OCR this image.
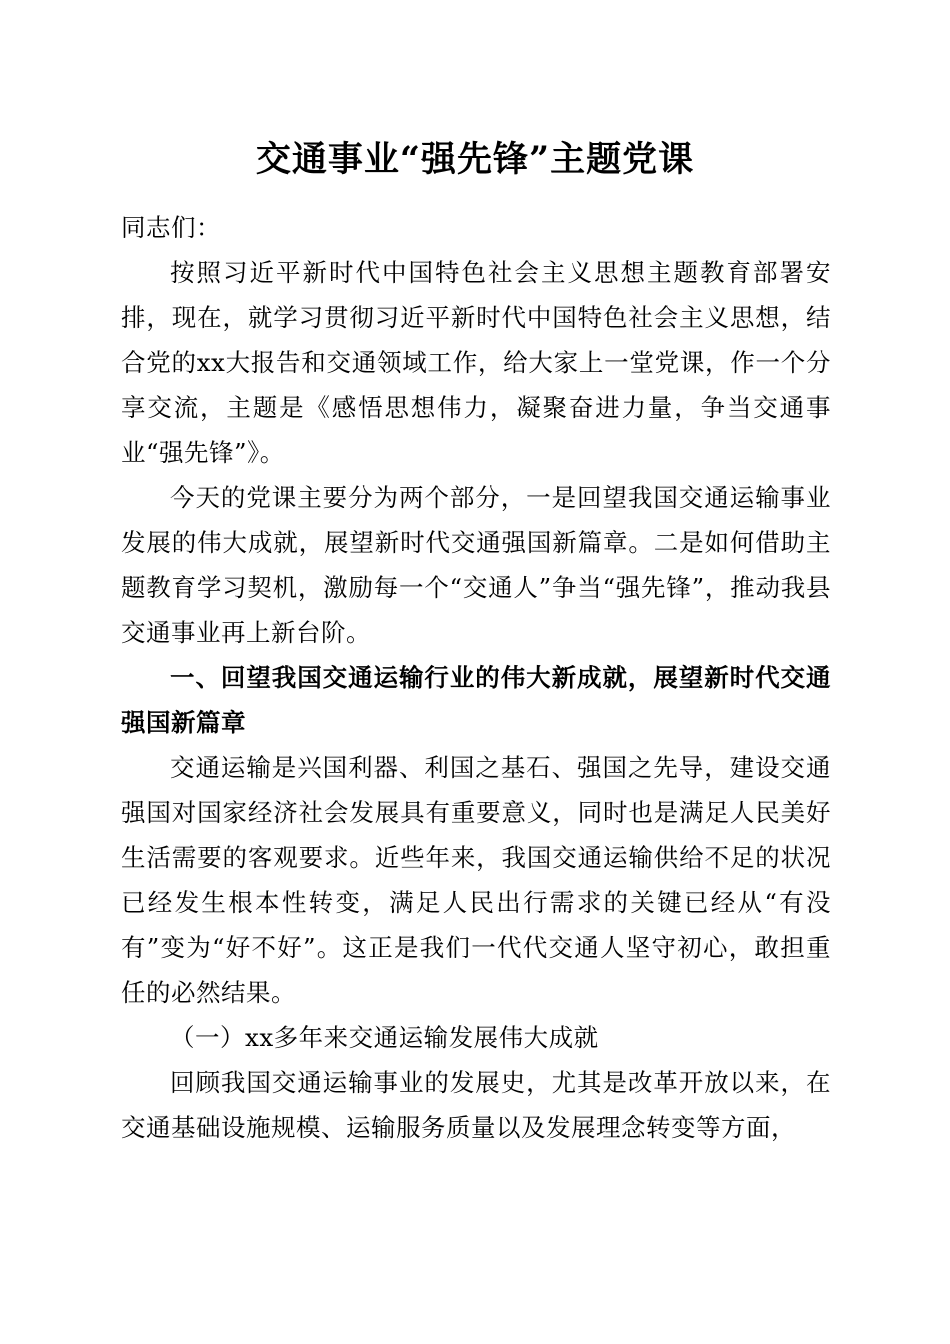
交通事业“强先锋”主题党课

同志们：

按照习近平新时代中国特色社会主义思想主题教育部署安排，现在，就学习贯彻习近平新时代中国特色社会主义思想，结合党的xx大报告和交通领域工作，给大家上一堂党课，作一个分享交流，主题是《感悟思想伟力，凝聚奋进力量，争当交通事业“强先锋”》。

今天的党课主要分为两个部分，一是回望我国交通运输事业发展的伟大成就，展望新时代交通强国新篇章。二是如何借助主题教育学习契机，激励每一个“交通人”争当“强先锋”，推动我县交通事业再上新台阶。

一、回望我国交通运输行业的伟大新成就，展望新时代交通强国新篇章

交通运输是兴国利器、利国之基石、强国之先导，建设交通强国对国家经济社会发展具有重要意义，同时也是满足人民美好生活需要的客观要求。近些年来，我国交通运输供给不足的状况已经发生根本性转变，满足人民出行需求的关键已经从“有没有”变为“好不好”。这正是我们一代代交通人坚守初心，敢担重任的必然结果。

（一）xx多年来交通运输发展伟大成就

回顾我国交通运输事业的发展史，尤其是改革开放以来，在交通基础设施规模、运输服务质量以及发展理念转变等方面，
